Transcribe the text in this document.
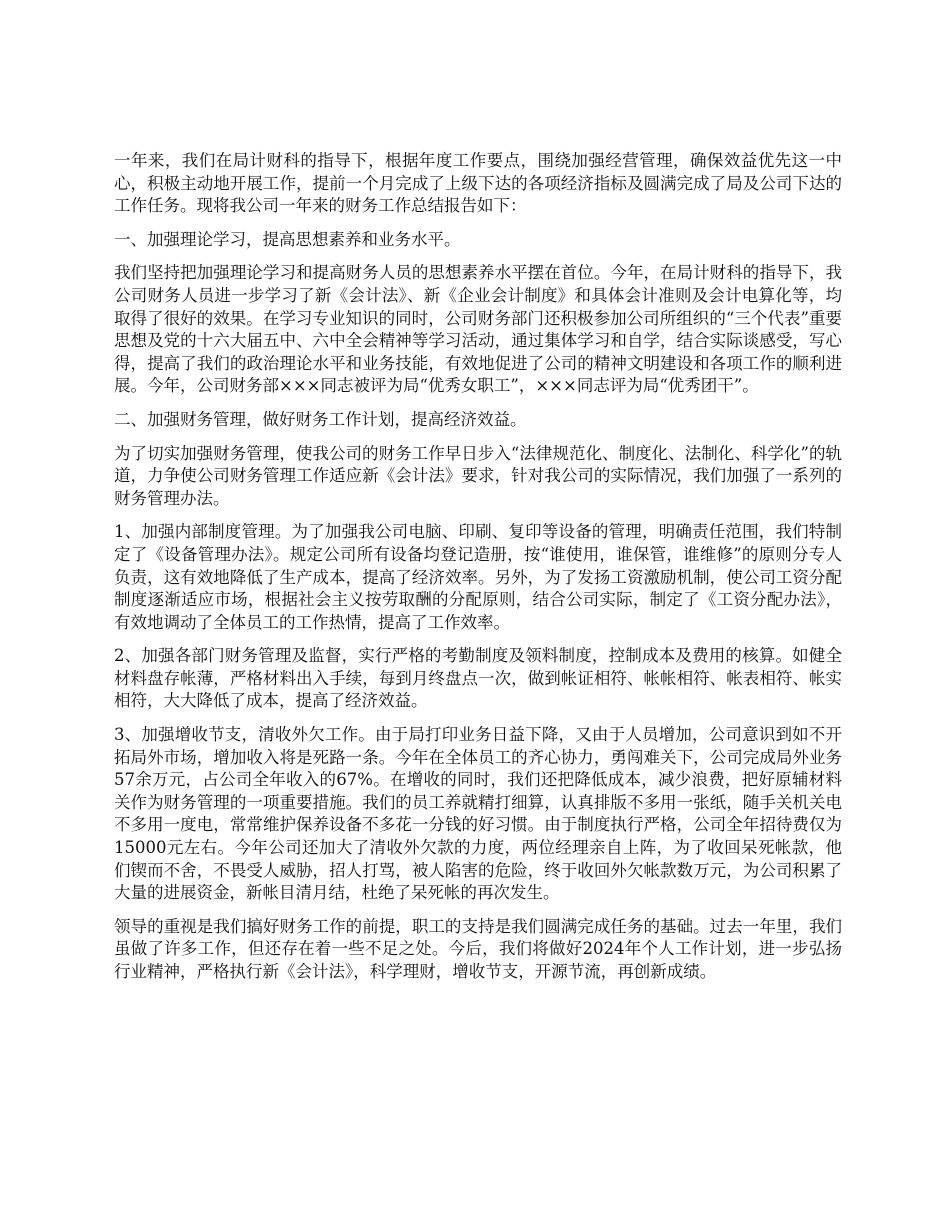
一年来，我们在局计财科的指导下，根据年度工作要点，围绕加强经营管理，确保效益优先这一中心，积极主动地开展工作，提前一个月完成了上级下达的各项经济指标及圆满完成了局及公司下达的工作任务。现将我公司一年来的财务工作总结报告如下：

一、加强理论学习，提高思想素养和业务水平。

我们坚持把加强理论学习和提高财务人员的思想素养水平摆在首位。今年，在局计财科的指导下，我公司财务人员进一步学习了新《会计法》、新《企业会计制度》和具体会计准则及会计电算化等，均取得了很好的效果。在学习专业知识的同时，公司财务部门还积极参加公司所组织的“三个代表”重要思想及党的十六大届五中、六中全会精神等学习活动，通过集体学习和自学，结合实际谈感受，写心得，提高了我们的政治理论水平和业务技能，有效地促进了公司的精神文明建设和各项工作的顺利进展。今年，公司财务部×××同志被评为局“优秀女职工”，×××同志评为局“优秀团干”。

二、加强财务管理，做好财务工作计划，提高经济效益。

为了切实加强财务管理，使我公司的财务工作早日步入“法律规范化、制度化、法制化、科学化”的轨道，力争使公司财务管理工作适应新《会计法》要求，针对我公司的实际情况，我们加强了一系列的财务管理办法。

1、加强内部制度管理。为了加强我公司电脑、印刷、复印等设备的管理，明确责任范围，我们特制定了《设备管理办法》。规定公司所有设备均登记造册，按“谁使用，谁保管，谁维修”的原则分专人负责，这有效地降低了生产成本，提高了经济效率。另外，为了发扬工资激励机制，使公司工资分配制度逐渐适应市场，根据社会主义按劳取酬的分配原则，结合公司实际，制定了《工资分配办法》，有效地调动了全体员工的工作热情，提高了工作效率。

2、加强各部门财务管理及监督，实行严格的考勤制度及领料制度，控制成本及费用的核算。如健全材料盘存帐薄，严格材料出入手续，每到月终盘点一次，做到帐证相符、帐帐相符、帐表相符、帐实相符，大大降低了成本，提高了经济效益。

3、加强增收节支，清收外欠工作。由于局打印业务日益下降，又由于人员增加，公司意识到如不开拓局外市场，增加收入将是死路一条。今年在全体员工的齐心协力，勇闯难关下，公司完成局外业务57余万元，占公司全年收入的67%。在增收的同时，我们还把降低成本，减少浪费，把好原辅材料关作为财务管理的一项重要措施。我们的员工养就精打细算，认真排版不多用一张纸，随手关机关电不多用一度电，常常维护保养设备不多花一分钱的好习惯。由于制度执行严格，公司全年招待费仅为15000元左右。今年公司还加大了清收外欠款的力度，两位经理亲自上阵，为了收回呆死帐款，他们锲而不舍，不畏受人威胁，招人打骂，被人陷害的危险，终于收回外欠帐款数万元，为公司积累了大量的进展资金，新帐目清月结，杜绝了呆死帐的再次发生。

领导的重视是我们搞好财务工作的前提，职工的支持是我们圆满完成任务的基础。过去一年里，我们虽做了许多工作，但还存在着一些不足之处。今后，我们将做好2024年个人工作计划，进一步弘扬行业精神，严格执行新《会计法》，科学理财，增收节支，开源节流，再创新成绩。
